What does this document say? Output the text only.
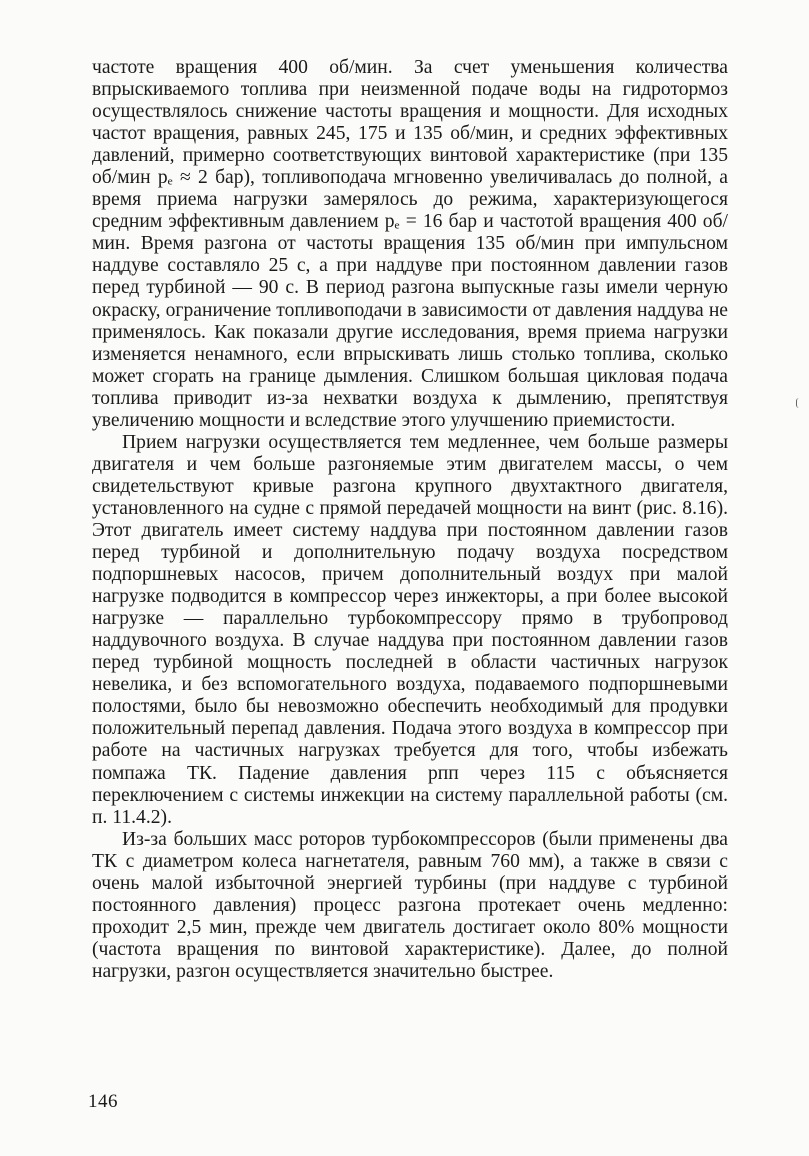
частоте вращения 400 об/мин. За счет уменьшения количества впрыскиваемого топлива при неизменной подаче воды на гидротормоз осуществлялось снижение частоты вращения и мощности. Для исходных частот вращения, равных 245, 175 и 135 об/мин, и средних эффективных давлений, примерно соответствующих винтовой характеристике (при 135 об/мин pₑ ≈ 2 бар), топливоподача мгновенно увеличивалась до полной, а время приема нагрузки замерялось до режима, характеризующегося средним эффективным давлением pₑ = 16 бар и частотой вращения 400 об/мин. Время разгона от частоты вращения 135 об/мин при импульсном наддуве составляло 25 с, а при наддуве при постоянном давлении газов перед турбиной — 90 с. В период разгона выпускные газы имели черную окраску, ограничение топливоподачи в зависимости от давления наддува не применялось. Как показали другие исследования, время приема нагрузки изменяется ненамного, если впрыскивать лишь столько топлива, сколько может сгорать на границе дымления. Слишком большая цикловая подача топлива приводит из-за нехватки воздуха к дымлению, препятствуя увеличению мощности и вследствие этого улучшению приемистости.

Прием нагрузки осуществляется тем медленнее, чем больше размеры двигателя и чем больше разгоняемые этим двигателем массы, о чем свидетельствуют кривые разгона крупного двухтактного двигателя, установленного на судне с прямой передачей мощности на винт (рис. 8.16). Этот двигатель имеет систему наддува при постоянном давлении газов перед турбиной и дополнительную подачу воздуха посредством подпоршневых насосов, причем дополнительный воздух при малой нагрузке подводится в компрессор через инжекторы, а при более высокой нагрузке — параллельно турбокомпрессору прямо в трубопровод наддувочного воздуха. В случае наддува при постоянном давлении газов перед турбиной мощность последней в области частичных нагрузок невелика, и без вспомогательного воздуха, подаваемого подпоршневыми полостями, было бы невозможно обеспечить необходимый для продувки положительный перепад давления. Подача этого воздуха в компрессор при работе на частичных нагрузках требуется для того, чтобы избежать помпажа ТК. Падение давления pпп через 115 с объясняется переключением с системы инжекции на систему параллельной работы (см. п. 11.4.2).

Из-за больших масс роторов турбокомпрессоров (были применены два ТК с диаметром колеса нагнетателя, равным 760 мм), а также в связи с очень малой избыточной энергией турбины (при наддуве с турбиной постоянного давления) процесс разгона протекает очень медленно: проходит 2,5 мин, прежде чем двигатель достигает около 80% мощности (частота вращения по винтовой характеристике). Далее, до полной нагрузки, разгон осуществляется значительно быстрее.

146
